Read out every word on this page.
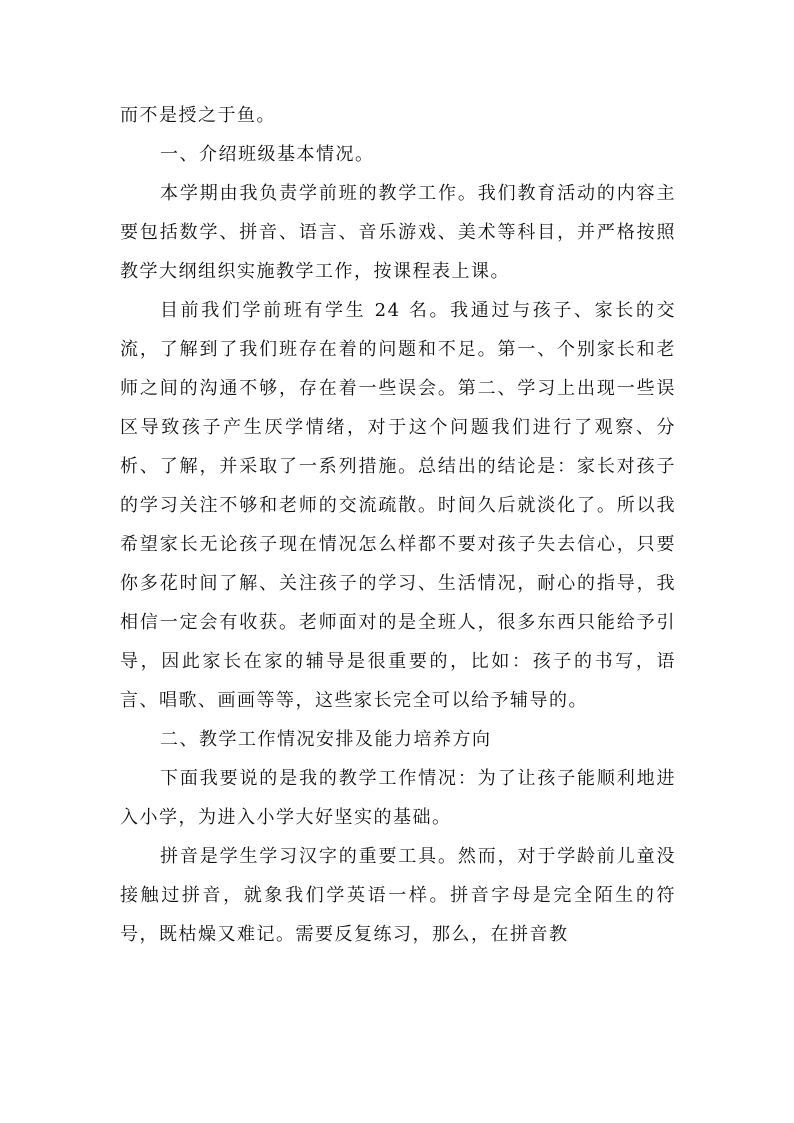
而不是授之于鱼。

一、介绍班级基本情况。

本学期由我负责学前班的教学工作。我们教育活动的内容主要包括数学、拼音、语言、音乐游戏、美术等科目，并严格按照教学大纲组织实施教学工作，按课程表上课。

目前我们学前班有学生 24 名。我通过与孩子、家长的交流，了解到了我们班存在着的问题和不足。第一、个别家长和老师之间的沟通不够，存在着一些误会。第二、学习上出现一些误区导致孩子产生厌学情绪，对于这个问题我们进行了观察、分析、了解，并采取了一系列措施。总结出的结论是：家长对孩子的学习关注不够和老师的交流疏散。时间久后就淡化了。所以我希望家长无论孩子现在情况怎么样都不要对孩子失去信心，只要你多花时间了解、关注孩子的学习、生活情况，耐心的指导，我相信一定会有收获。老师面对的是全班人，很多东西只能给予引导，因此家长在家的辅导是很重要的，比如：孩子的书写，语言、唱歌、画画等等，这些家长完全可以给予辅导的。

二、教学工作情况安排及能力培养方向

下面我要说的是我的教学工作情况：为了让孩子能顺利地进入小学，为进入小学大好坚实的基础。

拼音是学生学习汉字的重要工具。然而，对于学龄前儿童没接触过拼音，就象我们学英语一样。拼音字母是完全陌生的符号，既枯燥又难记。需要反复练习，那么，在拼音教
